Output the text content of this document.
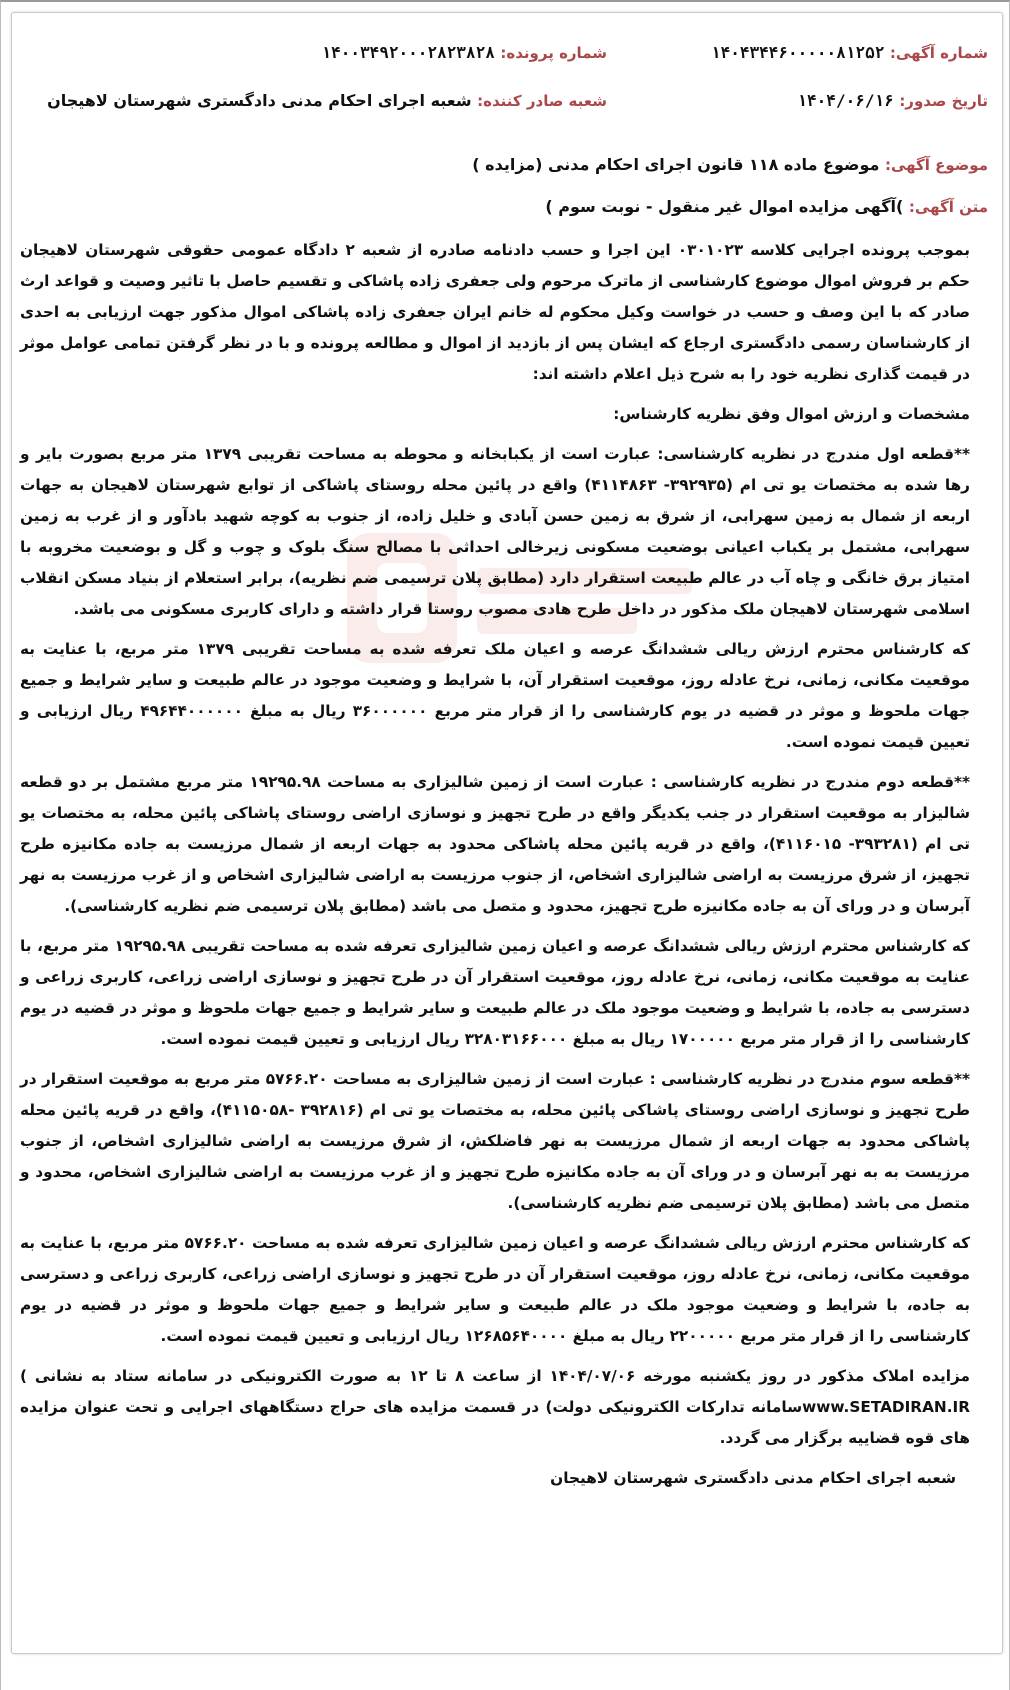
شماره آگهی: ۱۴۰۴۳۴۴۶۰۰۰۰۰۸۱۲۵۲
شماره پرونده: ۱۴۰۰۳۴۹۲۰۰۰۲۸۲۳۸۲۸
تاریخ صدور: ۱۴۰۴/۰۶/۱۶
شعبه صادر کننده: شعبه اجرای احکام مدنی دادگستری شهرستان لاهیجان
موضوع آگهی: موضوع ماده ۱۱۸ قانون اجرای احکام مدنی (مزایده )
متن آگهی: )آگهی مزایده اموال غیر منقول - نوبت سوم )

بموجب پرونده اجرایی کلاسه ۰۳۰۱۰۲۳ این اجرا و حسب دادنامه صادره از شعبه ۲ دادگاه عمومی حقوقی شهرستان لاهیجان حکم بر فروش اموال موضوع کارشناسی از ماترک مرحوم ولی جعفری زاده پاشاکی و تقسیم حاصل با تاثیر وصیت و قواعد ارث صادر که با این وصف و حسب در خواست وکیل محکوم له خانم ایران جعفری زاده پاشاکی اموال مذکور جهت ارزیابی به احدی از کارشناسان رسمی دادگستری ارجاع که ایشان پس از بازدید از اموال و مطالعه پرونده و با در نظر گرفتن تمامی عوامل موثر در قیمت گذاری نظریه خود را به شرح ذیل اعلام داشته اند:

مشخصات و ارزش اموال وفق نظریه کارشناس:

**قطعه اول مندرج در نظریه کارشناسی: عبارت است از یکبابخانه و محوطه به مساحت تقریبی ۱۳۷۹ متر مربع بصورت بایر و رها شده به مختصات یو تی ام (۳۹۲۹۳۵- ۴۱۱۴۸۶۳) واقع در پائین محله روستای پاشاکی از توابع شهرستان لاهیجان به جهات اربعه از شمال به زمین سهرابی، از شرق به زمین حسن آبادی و خلیل زاده، از جنوب به کوچه شهید بادآور و از غرب به زمین سهرابی، مشتمل بر یکباب اعیانی بوضعیت مسکونی زیرخالی احداثی با مصالح سنگ بلوک و چوب و گل و بوضعیت مخروبه با امتیاز برق خانگی و چاه آب در عالم طبیعت استقرار دارد (مطابق پلان ترسیمی ضم نظریه)، برابر استعلام از بنیاد مسکن انقلاب اسلامی شهرستان لاهیجان ملک مذکور در داخل طرح هادی مصوب روستا قرار داشته و دارای کاربری مسکونی می باشد.

که کارشناس محترم ارزش ریالی ششدانگ عرصه و اعیان ملک تعرفه شده به مساحت تقریبی ۱۳۷۹ متر مربع، با عنایت به موقعیت مکانی، زمانی، نرخ عادله روز، موقعیت استقرار آن، با شرایط و وضعیت موجود در عالم طبیعت و سایر شرایط و جمیع جهات ملحوظ و موثر در قضیه در یوم کارشناسی را از قرار متر مربع ۳۶۰۰۰۰۰۰ ریال به مبلغ ۴۹۶۴۴۰۰۰۰۰۰ ریال ارزیابی و تعیین قیمت نموده است.

**قطعه دوم مندرج در نظریه کارشناسی : عبارت است از زمین شالیزاری به مساحت ۱۹۲۹۵.۹۸ متر مربع مشتمل بر دو قطعه شالیزار به موقعیت استقرار در جنب یکدیگر واقع در طرح تجهیز و نوسازی اراضی روستای پاشاکی پائین محله، به مختصات یو تی ام (۳۹۳۲۸۱- ۴۱۱۶۰۱۵)، واقع در قریه پائین محله پاشاکی محدود به جهات اربعه از شمال مرزیست به جاده مکانیزه طرح تجهیز، از شرق مرزیست به اراضی شالیزاری اشخاص، از جنوب مرزیست به اراضی شالیزاری اشخاص و از غرب مرزیست به نهر آبرسان و در ورای آن به جاده مکانیزه طرح تجهیز، محدود و متصل می باشد (مطابق پلان ترسیمی ضم نظریه کارشناسی).

که کارشناس محترم ارزش ریالی ششدانگ عرصه و اعیان زمین شالیزاری تعرفه شده به مساحت تقریبی ۱۹۲۹۵.۹۸ متر مربع، با عنایت به موقعیت مکانی، زمانی، نرخ عادله روز، موقعیت استقرار آن در طرح تجهیز و نوسازی اراضی زراعی، کاربری زراعی و دسترسی به جاده، با شرایط و وضعیت موجود ملک در عالم طبیعت و سایر شرایط و جمیع جهات ملحوظ و موثر در قضیه در یوم کارشناسی را از قرار متر مربع ۱۷۰۰۰۰۰ ریال به مبلغ ۳۲۸۰۳۱۶۶۰۰۰ ریال ارزیابی و تعیین قیمت نموده است.

**قطعه سوم مندرج در نظریه کارشناسی : عبارت است از زمین شالیزاری به مساحت ۵۷۶۶.۲۰ متر مربع به موقعیت استقرار در طرح تجهیز و نوسازی اراضی روستای پاشاکی پائین محله، به مختصات یو تی ام (۳۹۲۸۱۶ -۴۱۱۵۰۵۸)، واقع در قریه پائین محله پاشاکی محدود به جهات اربعه از شمال مرزیست به نهر فاضلکش، از شرق مرزیست به اراضی شالیزاری اشخاص، از جنوب مرزیست به به نهر آبرسان و در ورای آن به جاده مکانیزه طرح تجهیز و از غرب مرزیست به اراضی شالیزاری اشخاص، محدود و متصل می باشد (مطابق پلان ترسیمی ضم نظریه کارشناسی).

که کارشناس محترم ارزش ریالی ششدانگ عرصه و اعیان زمین شالیزاری تعرفه شده به مساحت ۵۷۶۶.۲۰ متر مربع، با عنایت به موقعیت مکانی، زمانی، نرخ عادله روز، موقعیت استقرار آن در طرح تجهیز و نوسازی اراضی زراعی، کاربری زراعی و دسترسی به جاده، با شرایط و وضعیت موجود ملک در عالم طبیعت و سایر شرایط و جمیع جهات ملحوظ و موثر در قضیه در یوم کارشناسی را از قرار متر مربع ۲۲۰۰۰۰۰ ریال به مبلغ ۱۲۶۸۵۶۴۰۰۰۰ ریال ارزیابی و تعیین قیمت نموده است.

مزایده املاک مذکور در روز یکشنبه مورخه ۱۴۰۴/۰۷/۰۶ از ساعت ۸ تا ۱۲ به صورت الکترونیکی در سامانه ستاد به نشانی ) www.SETADIRAN.IRسامانه تدارکات الکترونیکی دولت) در قسمت مزایده های حراج دستگاههای اجرایی و تحت عنوان مزایده های قوه قضاییه برگزار می گردد.

شعبه اجرای احکام مدنی دادگستری شهرستان لاهیجان
